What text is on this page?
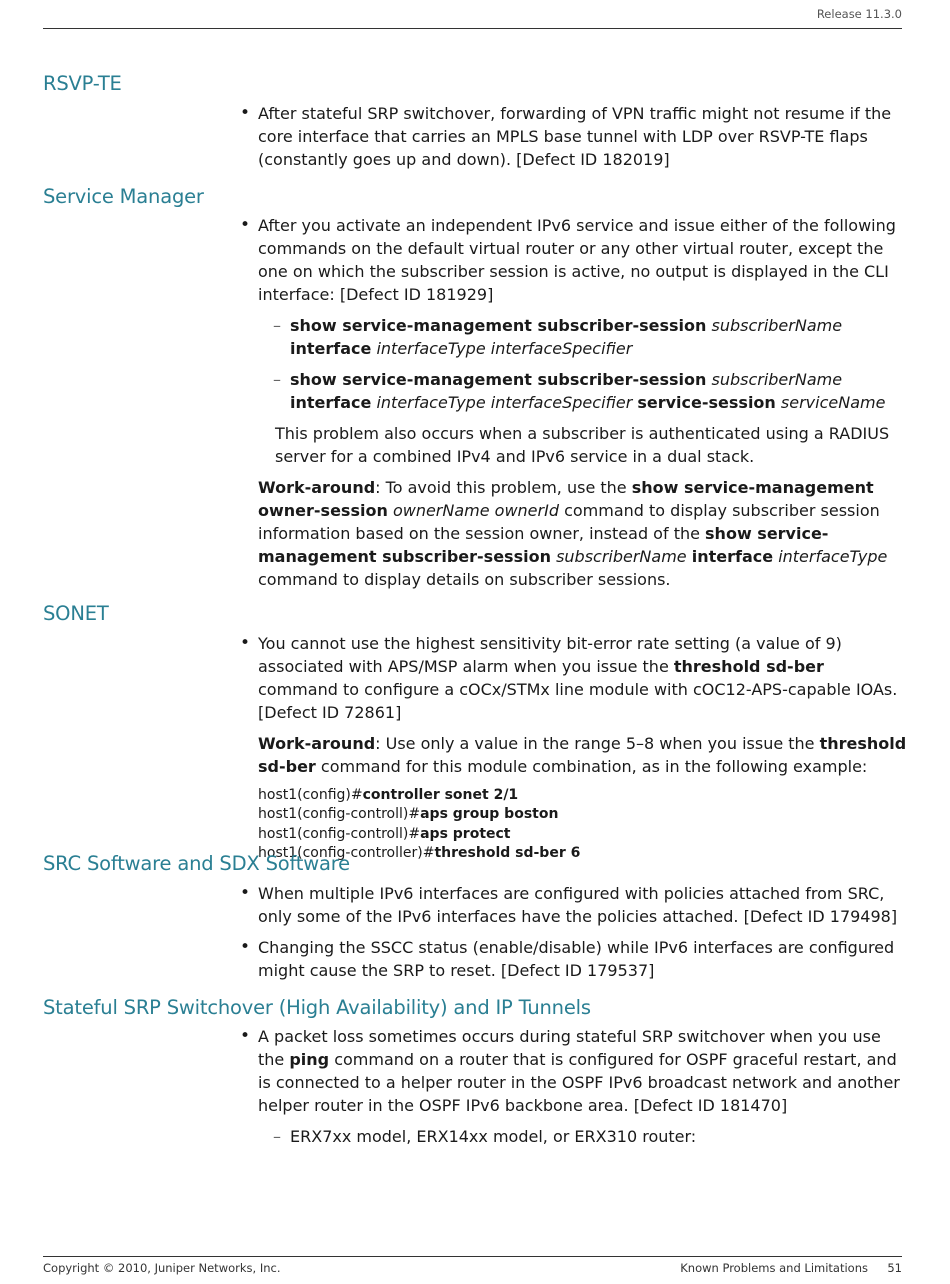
Release 11.3.0
RSVP-TE

• After stateful SRP switchover, forwarding of VPN traffic might not resume if the core interface that carries an MPLS base tunnel with LDP over RSVP-TE flaps (constantly goes up and down). [Defect ID 182019]

Service Manager

• After you activate an independent IPv6 service and issue either of the following commands on the default virtual router or any other virtual router, except the one on which the subscriber session is active, no output is displayed in the CLI interface: [Defect ID 181929]

– show service-management subscriber-session subscriberName interface interfaceType interfaceSpecifier

– show service-management subscriber-session subscriberName interface interfaceType interfaceSpecifier service-session serviceName

This problem also occurs when a subscriber is authenticated using a RADIUS server for a combined IPv4 and IPv6 service in a dual stack.

Work-around: To avoid this problem, use the show service-management owner-session ownerName ownerId command to display subscriber session information based on the session owner, instead of the show service-management subscriber-session subscriberName interface interfaceType command to display details on subscriber sessions.

SONET

• You cannot use the highest sensitivity bit-error rate setting (a value of 9) associated with APS/MSP alarm when you issue the threshold sd-ber command to configure a cOCx/STMx line module with cOC12-APS-capable IOAs. [Defect ID 72861]

Work-around: Use only a value in the range 5–8 when you issue the threshold sd-ber command for this module combination, as in the following example:

host1(config)#controller sonet 2/1

host1(config-controll)#aps group boston

host1(config-controll)#aps protect

host1(config-controller)#threshold sd-ber 6

SRC Software and SDX Software

• When multiple IPv6 interfaces are configured with policies attached from SRC, only some of the IPv6 interfaces have the policies attached. [Defect ID 179498]

• Changing the SSCC status (enable/disable) while IPv6 interfaces are configured might cause the SRP to reset. [Defect ID 179537]

Stateful SRP Switchover (High Availability) and IP Tunnels

• A packet loss sometimes occurs during stateful SRP switchover when you use the ping command on a router that is configured for OSPF graceful restart, and is connected to a helper router in the OSPF IPv6 broadcast network and another helper router in the OSPF IPv6 backbone area. [Defect ID 181470]

– ERX7xx model, ERX14xx model, or ERX310 router:

Copyright © 2010, Juniper Networks, Inc.	Known Problems and Limitations 51
